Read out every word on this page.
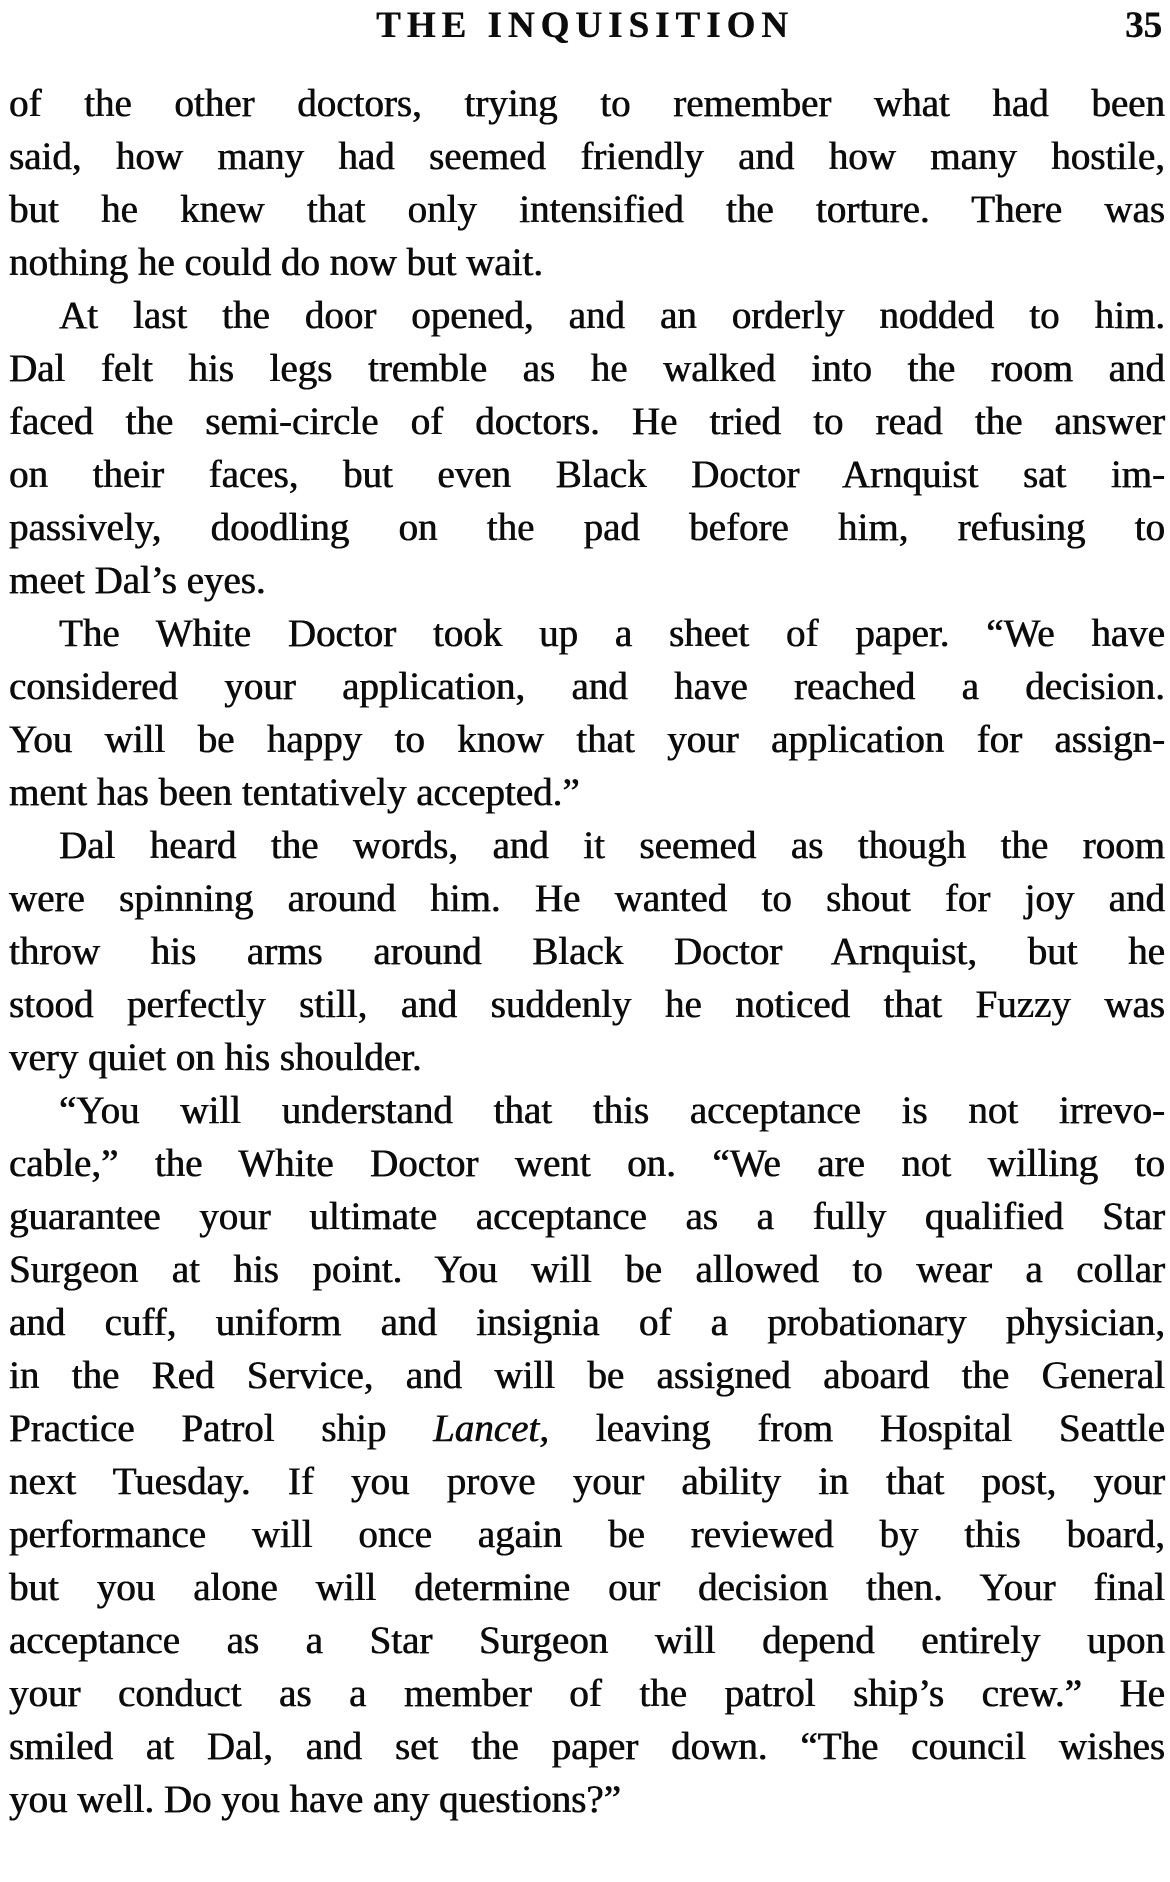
THE INQUISITION	35
of the other doctors, trying to remember what had been
said, how many had seemed friendly and how many hostile,
but he knew that only intensified the torture. There was
nothing he could do now but wait.
At last the door opened, and an orderly nodded to him.
Dal felt his legs tremble as he walked into the room and
faced the semi-circle of doctors. He tried to read the answer
on their faces, but even Black Doctor Arnquist sat im-
passively, doodling on the pad before him, refusing to
meet Dal’s eyes.
The White Doctor took up a sheet of paper. “We have
considered your application, and have reached a decision.
You will be happy to know that your application for assign-
ment has been tentatively accepted.”
Dal heard the words, and it seemed as though the room
were spinning around him. He wanted to shout for joy and
throw his arms around Black Doctor Arnquist, but he
stood perfectly still, and suddenly he noticed that Fuzzy was
very quiet on his shoulder.
“You will understand that this acceptance is not irrevo-
cable,” the White Doctor went on. “We are not willing to
guarantee your ultimate acceptance as a fully qualified Star
Surgeon at his point. You will be allowed to wear a collar
and cuff, uniform and insignia of a probationary physician,
in the Red Service, and will be assigned aboard the General
Practice Patrol ship Lancet, leaving from Hospital Seattle
next Tuesday. If you prove your ability in that post, your
performance will once again be reviewed by this board,
but you alone will determine our decision then. Your final
acceptance as a Star Surgeon will depend entirely upon
your conduct as a member of the patrol ship’s crew.” He
smiled at Dal, and set the paper down. “The council wishes
you well. Do you have any questions?”
